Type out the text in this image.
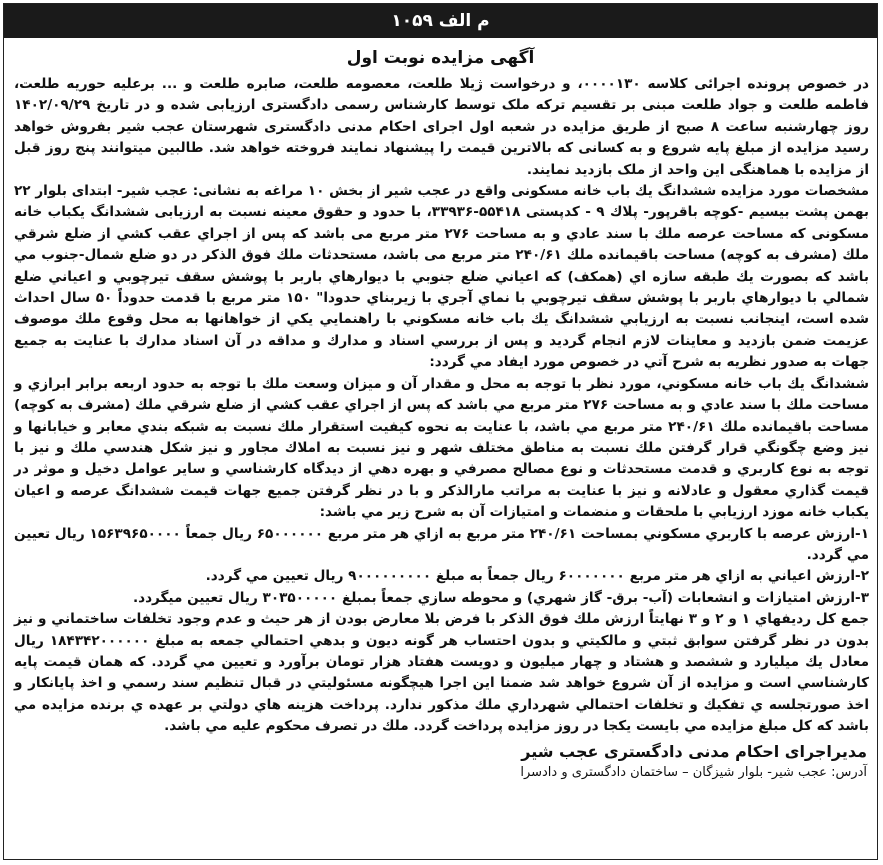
م الف ۱۰۵۹
آگهی مزایده نوبت اول

در خصوص پرونده اجرائی کلاسه ۰۰۰۰۱۳۰، و درخواست ژیلا طلعت، معصومه طلعت، صابره طلعت و ... برعلیه حوریه طلعت، فاطمه طلعت و جواد طلعت مبنی بر تقسیم ترکه ملک توسط کارشناس رسمی دادگستری ارزیابی شده و در تاریخ ۱۴۰۲/۰۹/۲۹ روز چهارشنبه ساعت ۸ صبح از طریق مزایده در شعبه اول اجرای احکام مدنی دادگستری شهرستان عجب شیر بفروش خواهد رسید مزایده از مبلغ پایه شروع و به کسانی که بالاترین قیمت را پیشنهاد نمایند فروخته خواهد شد. طالبین میتوانند پنج روز قبل از مزایده با هماهنگی این واحد از ملک بازدید نمایند.

مشخصات مورد مزایده ششدانگ یك باب خانه مسکونی واقع در عجب شیر از بخش ۱۰ مراغه به نشانی: عجب شیر- ابتدای بلوار ۲۲ بهمن پشت بیسیم -کوچه باقرپور- پلاك ۹ - کدپستی ۵۵۴۱۸-۳۳۹۳۶، با حدود و حقوق معینه نسبت به ارزیابی ششدانگ یکباب خانه مسکونی که مساحت عرصه ملك با سند عادي و به مساحت ۲۷۶ متر مربع می باشد که پس از اجراي عقب کشي از ضلع شرقي ملك (مشرف به کوچه) مساحت باقیمانده ملك ۲۴۰/۶۱ متر مربع می باشد، مستحدثات ملك فوق الذکر در دو ضلع شمال-جنوب مي باشد که بصورت يك طبقه سازه اي (همکف) که اعياني ضلع جنوبي با ديوارهاي باربر با پوشش سقف تيرچوبي و اعياني ضلع شمالي با ديوارهاي باربر با پوشش سقف تيرچوبي با نماي آجري با زيربناي حدودا" ۱۵۰ متر مربع با قدمت حدوداً ۵۰ سال احداث شده است، اينجانب نسبت به ارزيابي ششدانگ يك باب خانه مسکوني با راهنمايي يکي از خواهانها به محل وقوع ملك موصوف عزيمت ضمن بازديد و معاينات لازم انجام گرديد و پس از بررسي اسناد و مدارك و مداقه در آن اسناد مدارك با عنايت به جميع جهات به صدور نظريه به شرح آتي در خصوص مورد ايفاد مي گردد:

ششدانگ يك باب خانه مسکوني، مورد نظر با توجه به محل و مقدار آن و ميزان وسعت ملك با توجه به حدود اربعه برابر ابرازي و مساحت ملك با سند عادي و به مساحت ۲۷۶ متر مربع مي باشد که پس از اجراي عقب کشي از ضلع شرقي ملك (مشرف به کوچه) مساحت باقيمانده ملك ۲۴۰/۶۱ متر مربع مي باشد، با عنايت به نحوه کيفيت استقرار ملك نسبت به شبکه بندي معابر و خيابانها و نيز وضع چگونگي قرار گرفتن ملك نسبت به مناطق مختلف شهر و نيز نسبت به املاك مجاور و نيز شکل هندسي ملك و نيز با توجه به نوع کاربري و قدمت مستحدثات و نوع مصالح مصرفي و بهره دهي از ديدگاه کارشناسي و ساير عوامل دخيل و موثر در قيمت گذاري معقول و عادلانه و نيز با عنايت به مراتب مارالذکر و با در نظر گرفتن جميع جهات قيمت ششدانگ عرصه و اعيان يکباب خانه موزد ارزيابي با ملحقات و منضمات و امتيازات آن به شرح زير مي باشد:

۱-ارزش عرصه با کاربري مسکوني بمساحت ۲۴۰/۶۱ متر مربع به ازاي هر متر مربع ۶۵۰۰۰۰۰۰ ريال جمعاً ۱۵۶۳۹۶۵۰۰۰۰ ريال تعيين مي گردد.

۲-ارزش اعياني به ازاي هر متر مربع ۶۰۰۰۰۰۰۰ ريال جمعاً به مبلغ ۹۰۰۰۰۰۰۰۰۰ ريال تعيين مي گردد.

۳-ارزش امتيازات و انشعابات (آب- برق- گاز شهري) و محوطه سازي جمعاً بمبلغ ۳۰۳۵۰۰۰۰۰ ريال تعيين ميگردد.

جمع کل رديفهاي ۱ و ۲ و ۳ نهايتاً ارزش ملك فوق الذکر با فرض بلا معارض بودن از هر حيث و عدم وجود تخلفات ساختماني و نيز بدون در نظر گرفتن سوابق ثبتي و مالکيتي و بدون احتساب هر گونه ديون و بدهي احتمالي جمعه به مبلغ ۱۸۴۳۴۲۰۰۰۰۰۰ ريال معادل يك ميليارد و ششصد و هشتاد و چهار ميليون و دويست هفتاد هزار تومان برآورد و تعيين مي گردد. که همان قيمت پايه کارشناسي است و مزايده از آن شروع خواهد شد ضمنا اين اجرا هيچگونه مسئوليتي در قبال تنظيم سند رسمي و اخذ پايانکار و اخذ صورتجلسه ي تفکيك و تخلفات احتمالي شهرداري ملك مذکور ندارد. پرداخت هزينه هاي دولتي بر عهده ي برنده مزايده مي باشد که کل مبلغ مزايده مي بايست يکجا در روز مزايده پرداخت گردد. ملك در تصرف محکوم عليه مي باشد.

مدیراجرای احکام مدنی دادگستری عجب شیر
آدرس: عجب شیر- بلوار شیزگان – ساختمان دادگستری و دادسرا
